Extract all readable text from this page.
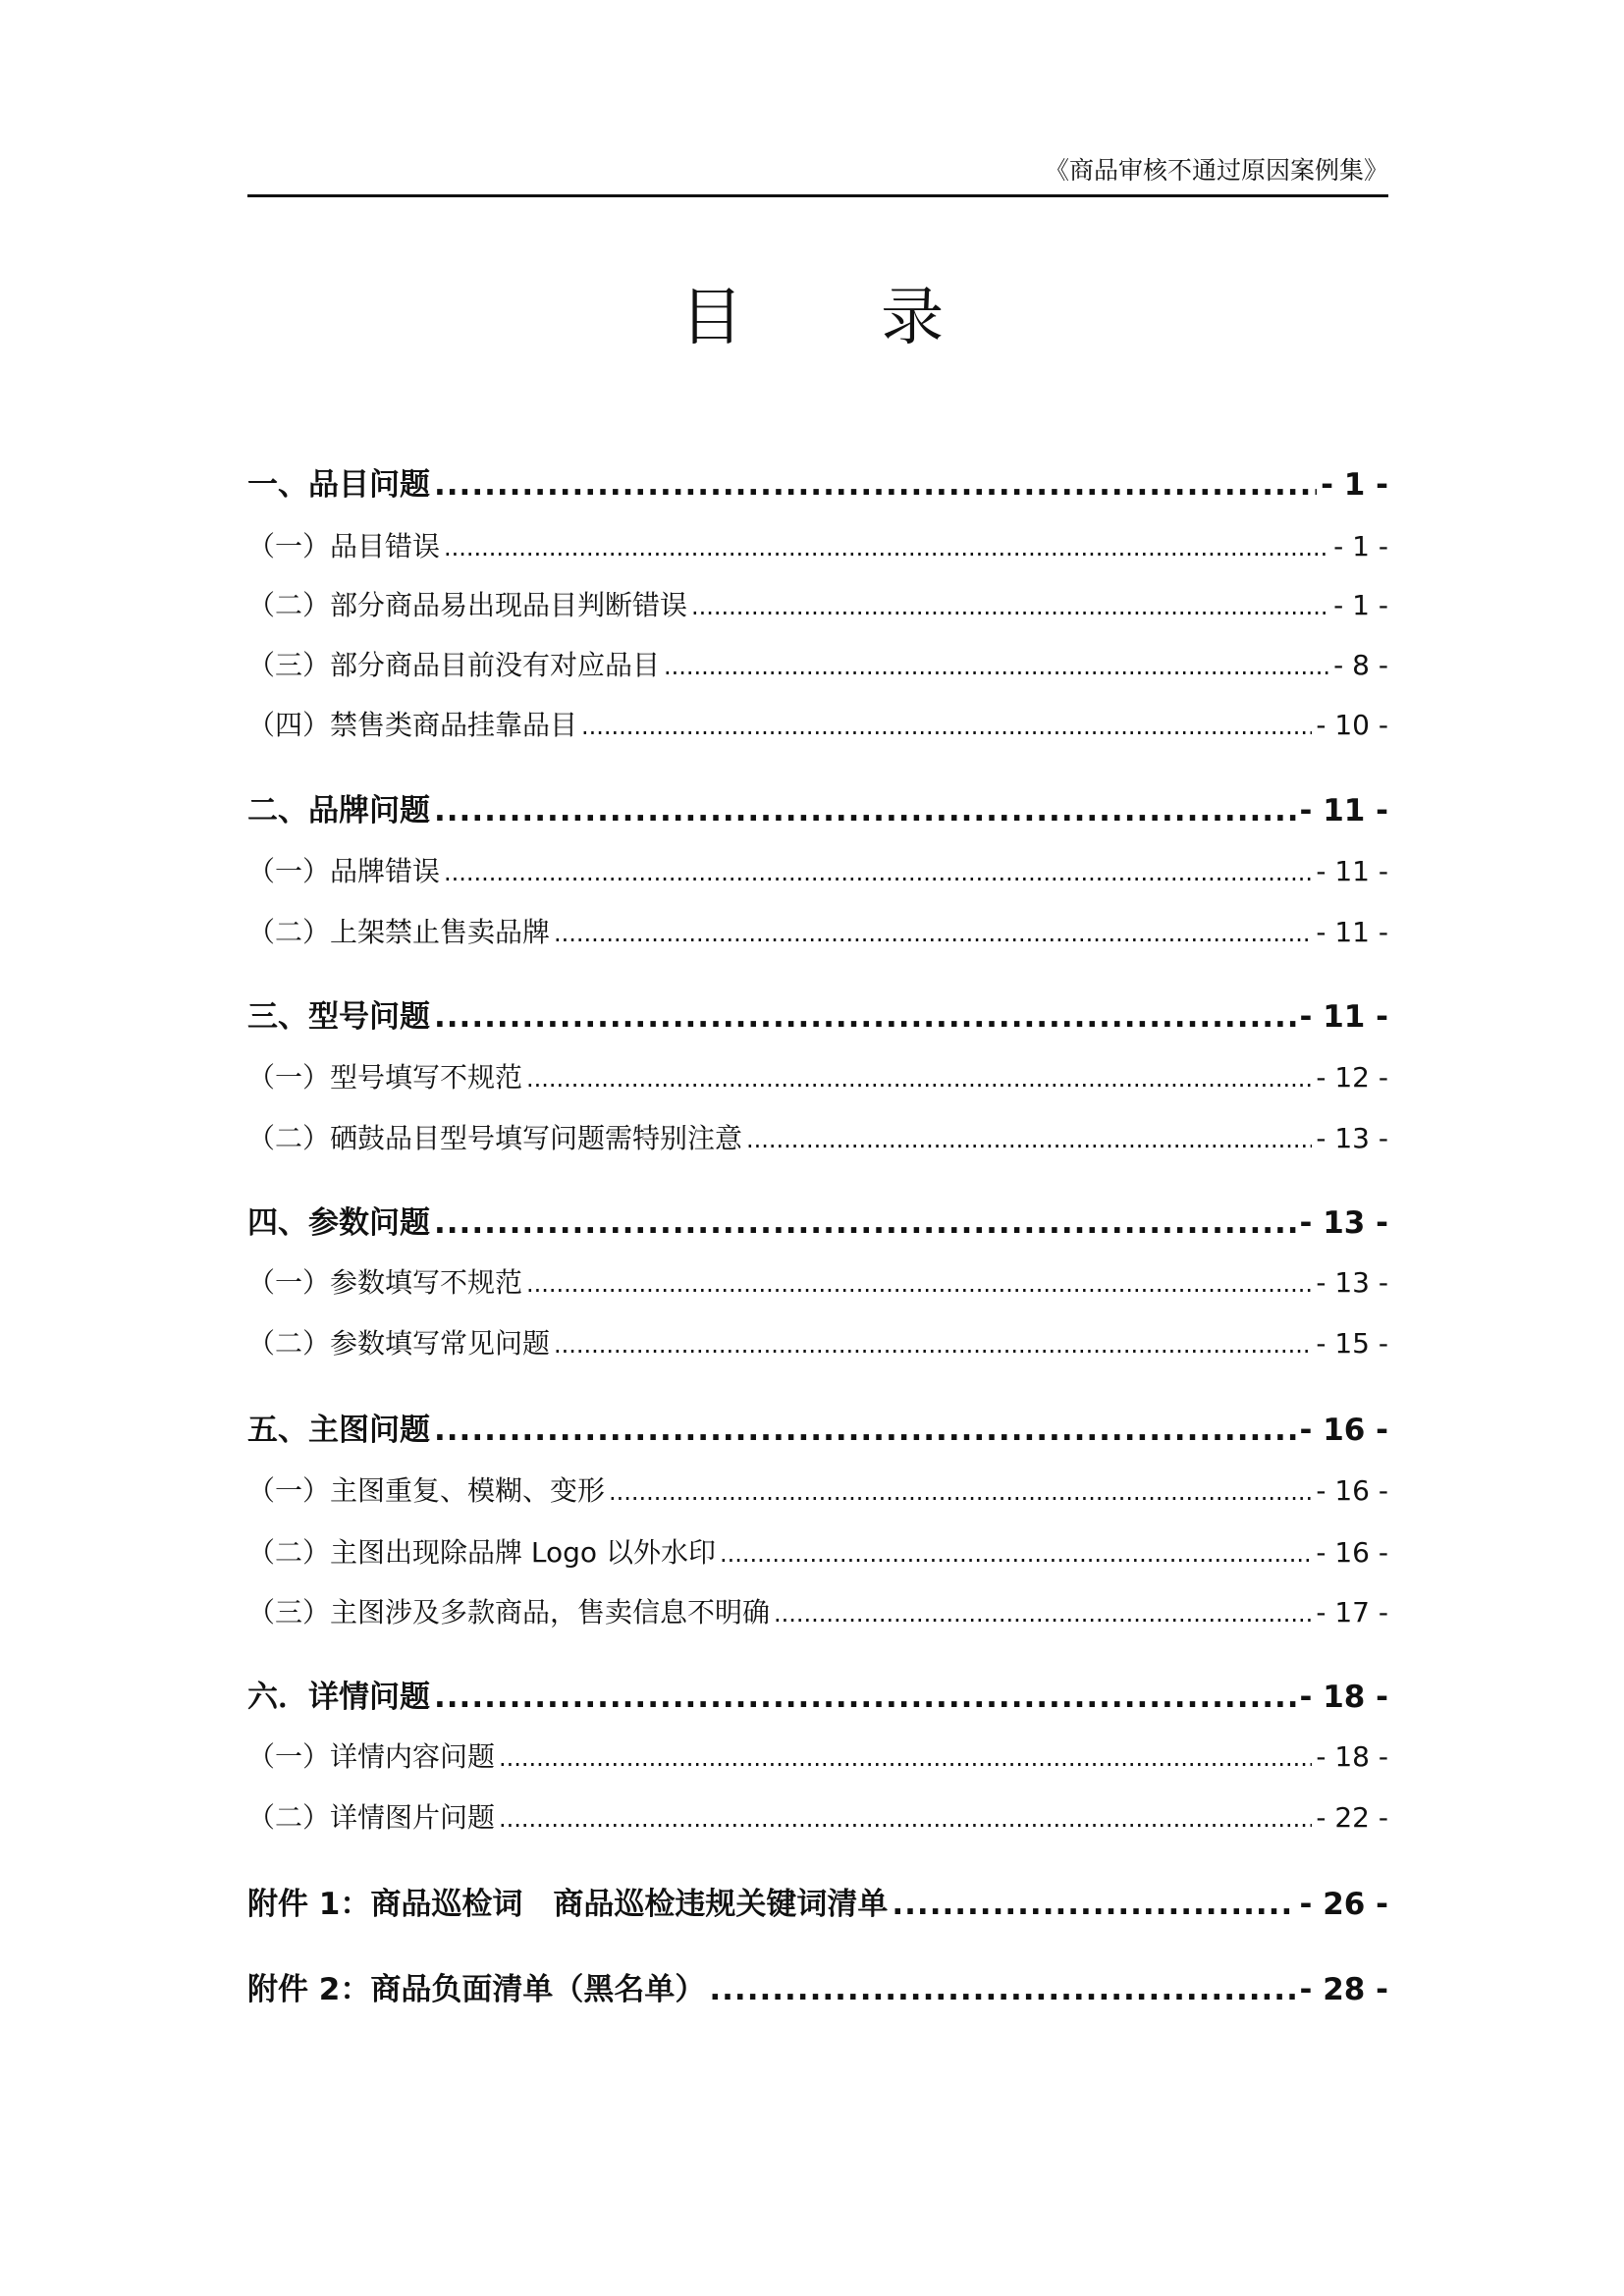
《商品审核不通过原因案例集》
目 录
一、品目问题 .....	- 1 -
（一）品目错误 .....	- 1 -
（二）部分商品易出现品目判断错误 .....	- 1 -
（三）部分商品目前没有对应品目 .....	- 8 -
（四）禁售类商品挂靠品目 .....	- 10 -
二、品牌问题 .....	- 11 -
（一）品牌错误 .....	- 11 -
（二）上架禁止售卖品牌 .....	- 11 -
三、型号问题 .....	- 11 -
（一）型号填写不规范 .....	- 12 -
（二）硒鼓品目型号填写问题需特别注意 .....	- 13 -
四、参数问题 .....	- 13 -
（一）参数填写不规范 .....	- 13 -
（二）参数填写常见问题 .....	- 15 -
五、主图问题 .....	- 16 -
（一）主图重复、模糊、变形 .....	- 16 -
（二）主图出现除品牌 Logo 以外水印 .....	- 16 -
（三）主图涉及多款商品，售卖信息不明确 .....	- 17 -
六．详情问题 .....	- 18 -
（一）详情内容问题 .....	- 18 -
（二）详情图片问题 .....	- 22 -
附件 1：商品巡检词　商品巡检违规关键词清单 .....	- 26 -
附件 2：商品负面清单（黑名单） .....	- 28 -
